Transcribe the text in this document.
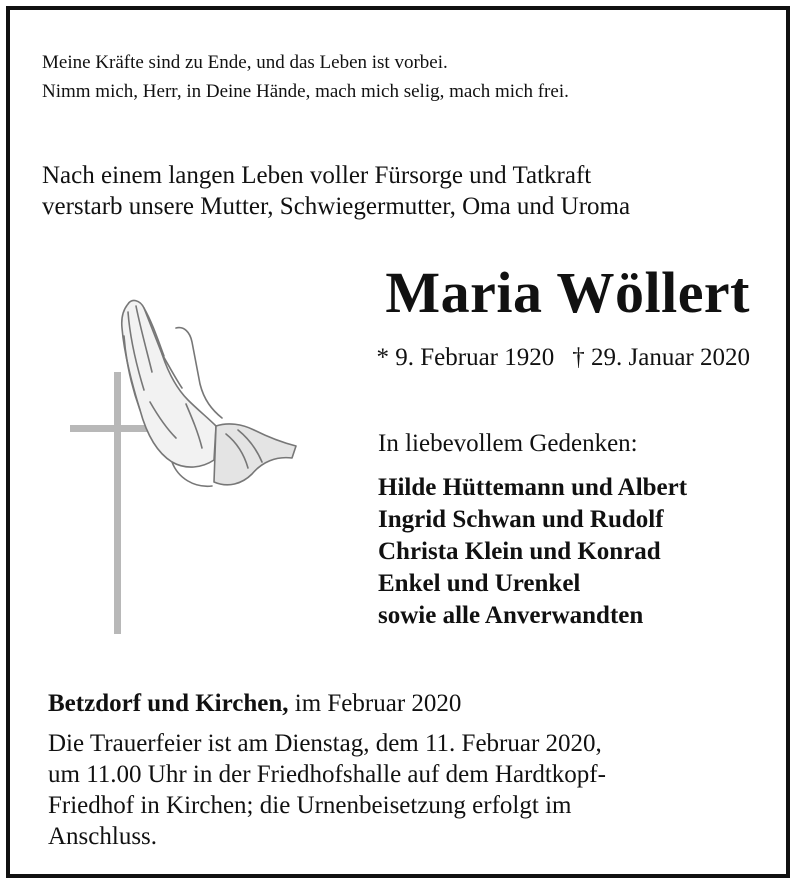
Meine Kräfte sind zu Ende, und das Leben ist vorbei.
Nimm mich, Herr, in Deine Hände, mach mich selig, mach mich frei.
Nach einem langen Leben voller Fürsorge und Tatkraft
verstarb unsere Mutter, Schwiegermutter, Oma und Uroma
Maria Wöllert
* 9. Februar 1920 † 29. Januar 2020
In liebevollem Gedenken:
Hilde Hüttemann und Albert
Ingrid Schwan und Rudolf
Christa Klein und Konrad
Enkel und Urenkel
sowie alle Anverwandten
Betzdorf und Kirchen, im Februar 2020
Die Trauerfeier ist am Dienstag, dem 11. Februar 2020,
um 11.00 Uhr in der Friedhofshalle auf dem Hardtkopf-
Friedhof in Kirchen; die Urnenbeisetzung erfolgt im
Anschluss.
